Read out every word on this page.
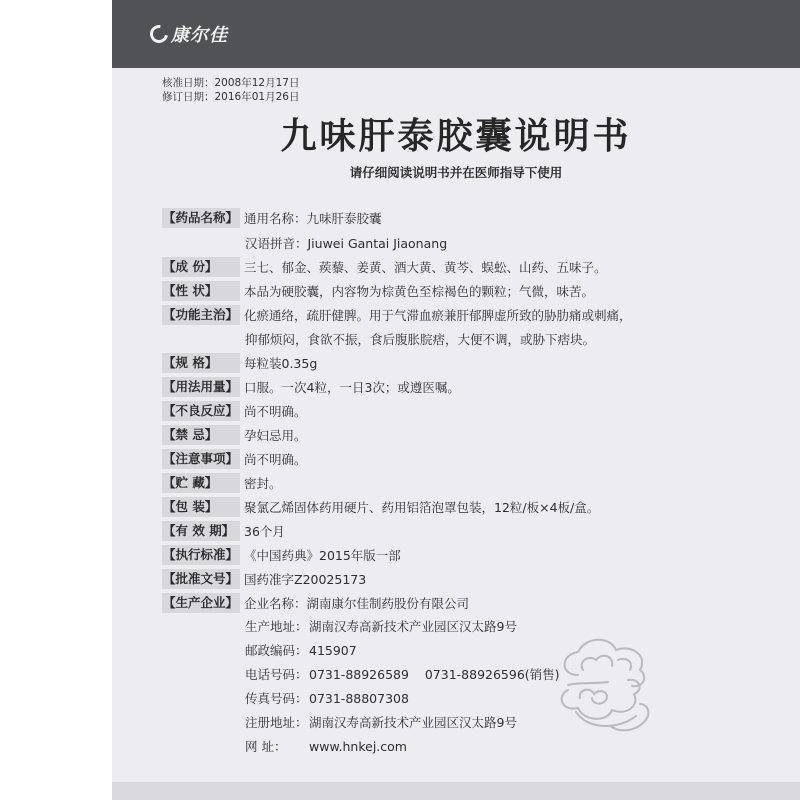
康尔佳
核准日期：2008年12月17日
修订日期：2016年01月26日
九味肝泰胶囊说明书
请仔细阅读说明书并在医师指导下使用
【药品名称】 通用名称：九味肝泰胶囊
汉语拼音：Jiuwei Gantai Jiaonang
【成 份】	三七、郁金、蒺藜、姜黄、酒大黄、黄芩、蜈蚣、山药、五味子。
【性 状】	本品为硬胶囊，内容物为棕黄色至棕褐色的颗粒；气微，味苦。
【功能主治】 化瘀通络，疏肝健脾。用于气滞血瘀兼肝郁脾虚所致的胁肋痛或刺痛，
抑郁烦闷，食欲不振，食后腹胀脘痞，大便不调，或胁下痞块。
【规 格】	每粒装0.35g
【用法用量】 口服。一次4粒，一日3次；或遵医嘱。
【不良反应】 尚不明确。
【禁 忌】	孕妇忌用。
【注意事项】 尚不明确。
【贮 藏】	密封。
【包 装】	聚氯乙烯固体药用硬片、药用铝箔泡罩包装，12粒/板×4板/盒。
【有 效 期】 36个月
【执行标准】 《中国药典》2015年版一部
【批准文号】 国药准字Z20025173
【生产企业】 企业名称：湖南康尔佳制药股份有限公司
生产地址：湖南汉寿高新技术产业园区汉太路9号
邮政编码：415907
电话号码：0731-88926589    0731-88926596(销售)
传真号码：0731-88807308
注册地址：湖南汉寿高新技术产业园区汉太路9号
网 址： www.hnkej.com
